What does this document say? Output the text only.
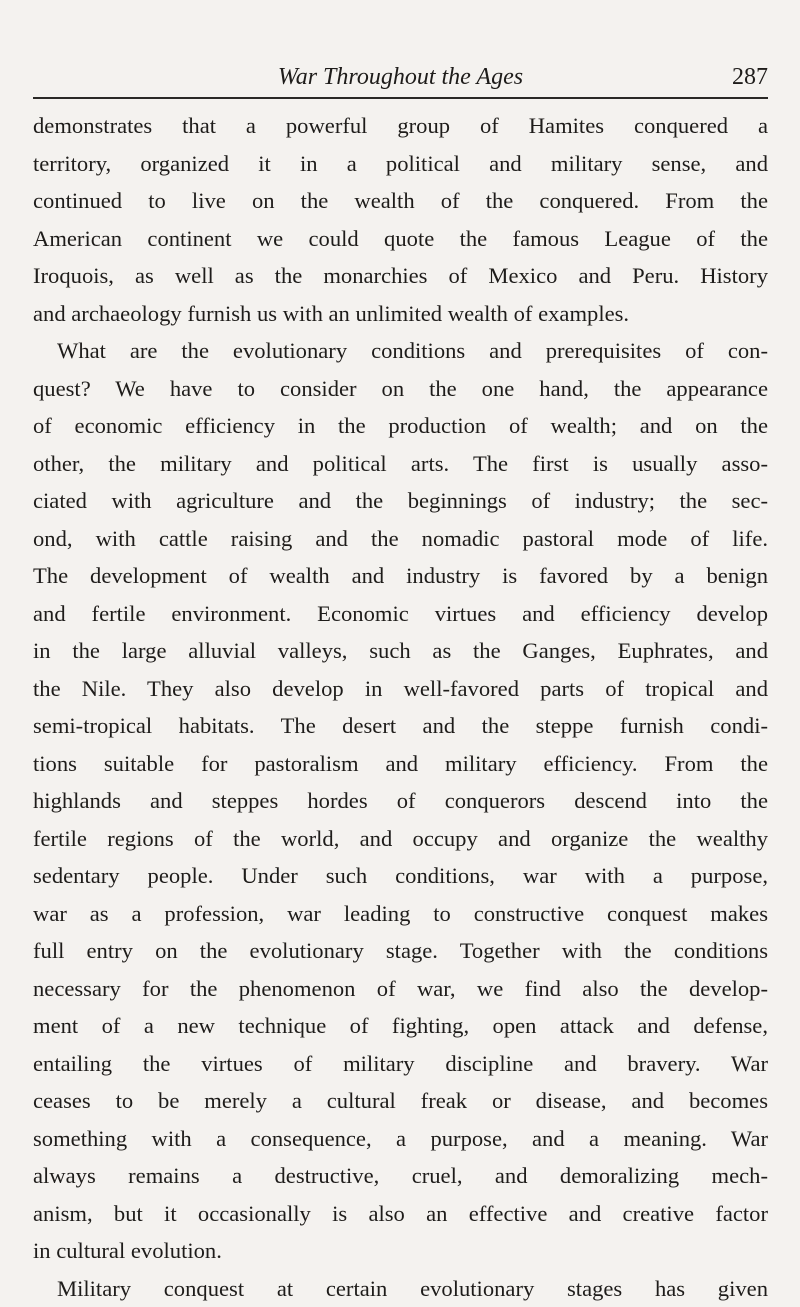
War Throughout the Ages	287
demonstrates that a powerful group of Hamites conquered a
territory, organized it in a political and military sense, and
continued to live on the wealth of the conquered. From the
American continent we could quote the famous League of the
Iroquois, as well as the monarchies of Mexico and Peru. History
and archaeology furnish us with an unlimited wealth of examples.
What are the evolutionary conditions and prerequisites of con-
quest? We have to consider on the one hand, the appearance
of economic efficiency in the production of wealth; and on the
other, the military and political arts. The first is usually asso-
ciated with agriculture and the beginnings of industry; the sec-
ond, with cattle raising and the nomadic pastoral mode of life.
The development of wealth and industry is favored by a benign
and fertile environment. Economic virtues and efficiency develop
in the large alluvial valleys, such as the Ganges, Euphrates, and
the Nile. They also develop in well-favored parts of tropical and
semi-tropical habitats. The desert and the steppe furnish condi-
tions suitable for pastoralism and military efficiency. From the
highlands and steppes hordes of conquerors descend into the
fertile regions of the world, and occupy and organize the wealthy
sedentary people. Under such conditions, war with a purpose,
war as a profession, war leading to constructive conquest makes
full entry on the evolutionary stage. Together with the conditions
necessary for the phenomenon of war, we find also the develop-
ment of a new technique of fighting, open attack and defense,
entailing the virtues of military discipline and bravery. War
ceases to be merely a cultural freak or disease, and becomes
something with a consequence, a purpose, and a meaning. War
always remains a destructive, cruel, and demoralizing mech-
anism, but it occasionally is also an effective and creative factor
in cultural evolution.
Military conquest at certain evolutionary stages has given
